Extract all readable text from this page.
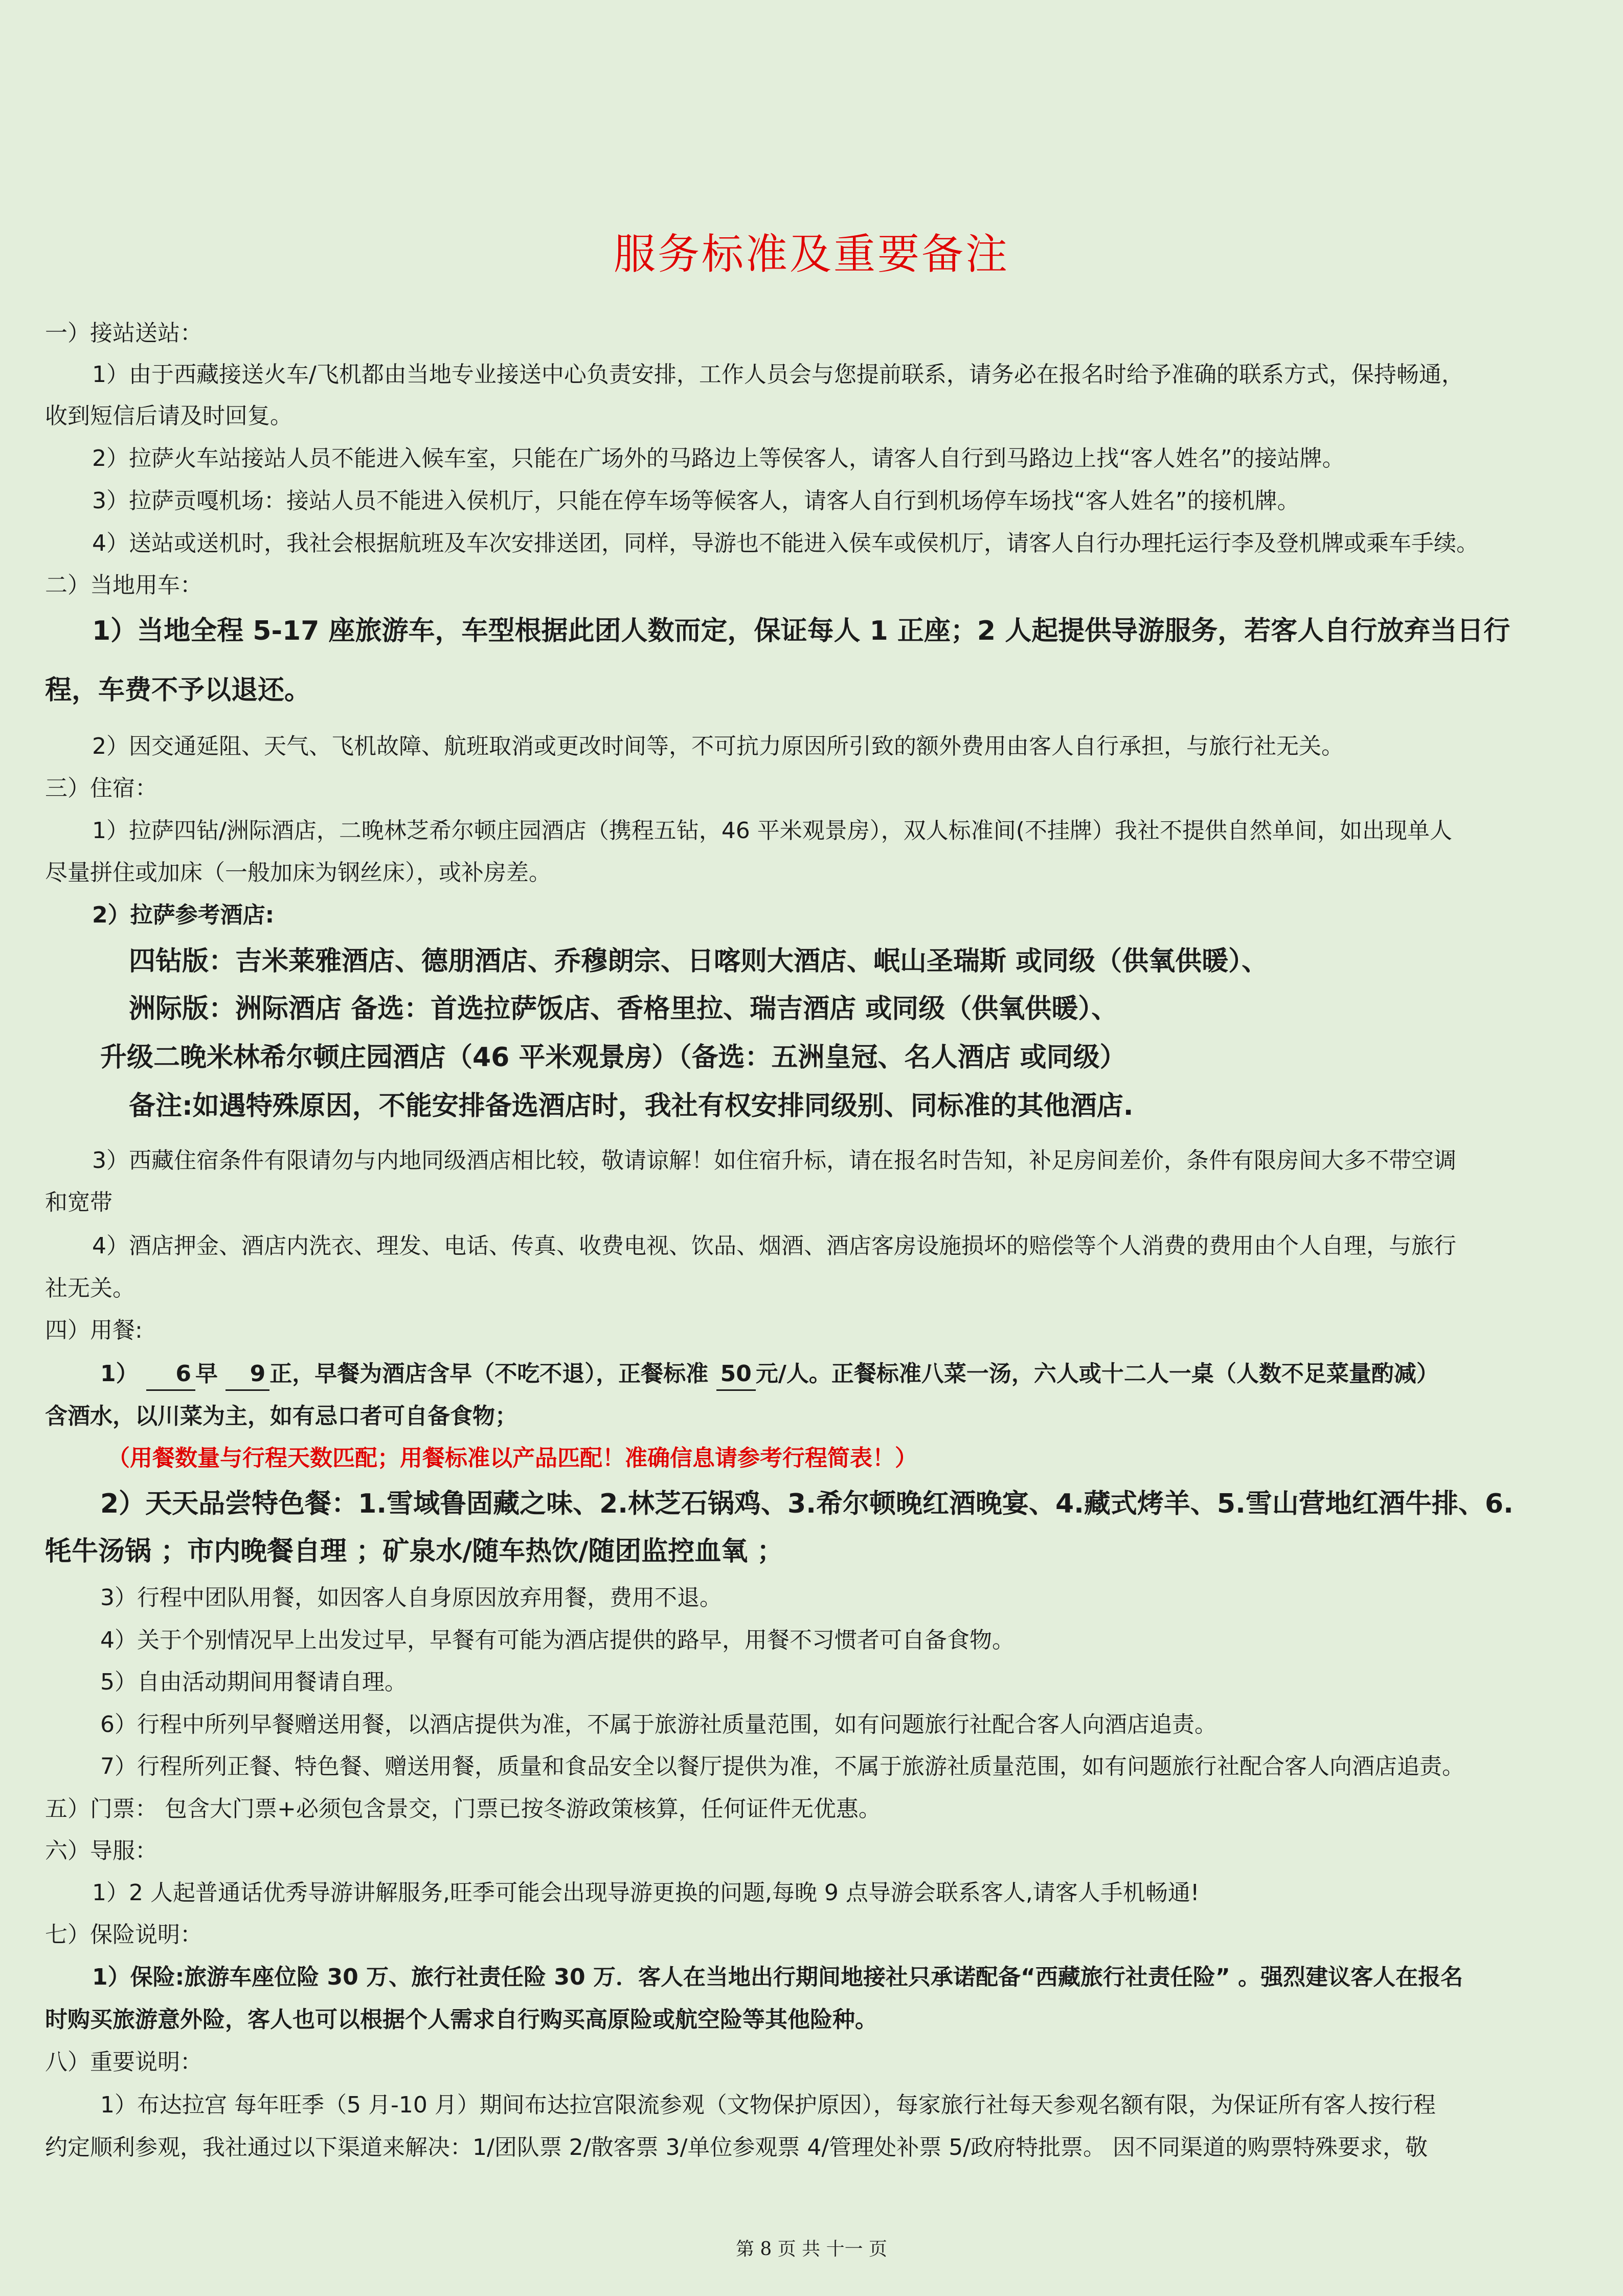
服务标准及重要备注
一）接站送站：
1）由于西藏接送火车/飞机都由当地专业接送中心负责安排，工作人员会与您提前联系，请务必在报名时给予准确的联系方式，保持畅通，
收到短信后请及时回复。
2）拉萨火车站接站人员不能进入候车室，只能在广场外的马路边上等侯客人，请客人自行到马路边上找“客人姓名”的接站牌。
3）拉萨贡嘎机场：接站人员不能进入侯机厅，只能在停车场等候客人，请客人自行到机场停车场找“客人姓名”的接机牌。
4）送站或送机时，我社会根据航班及车次安排送团，同样，导游也不能进入侯车或侯机厅，请客人自行办理托运行李及登机牌或乘车手续。
二）当地用车：
1）当地全程 5-17 座旅游车，车型根据此团人数而定，保证每人 1 正座；2 人起提供导游服务，若客人自行放弃当日行
程，车费不予以退还。
2）因交通延阻、天气、飞机故障、航班取消或更改时间等，不可抗力原因所引致的额外费用由客人自行承担，与旅行社无关。
三）住宿：
1）拉萨四钻/洲际酒店，二晚林芝希尔顿庄园酒店（携程五钻，46 平米观景房），双人标准间(不挂牌）我社不提供自然单间，如出现单人
尽量拼住或加床（一般加床为钢丝床），或补房差。
2）拉萨参考酒店:
四钻版：吉米莱雅酒店、德朋酒店、乔穆朗宗、日喀则大酒店、岷山圣瑞斯 或同级（供氧供暖）、
洲际版：洲际酒店 备选：首选拉萨饭店、香格里拉、瑞吉酒店 或同级（供氧供暖）、
升级二晚米林希尔顿庄园酒店（46 平米观景房）（备选：五洲皇冠、名人酒店 或同级）
备注:如遇特殊原因，不能安排备选酒店时，我社有权安排同级别、同标准的其他酒店.
3）西藏住宿条件有限请勿与内地同级酒店相比较，敬请谅解！如住宿升标，请在报名时告知，补足房间差价，条件有限房间大多不带空调
和宽带
4）酒店押金、酒店内洗衣、理发、电话、传真、收费电视、饮品、烟酒、酒店客房设施损坏的赔偿等个人消费的费用由个人自理，与旅行
社无关。
四）用餐:
1） 6 早 9 正，早餐为酒店含早（不吃不退），正餐标准 50 元/人。正餐标准八菜一汤，六人或十二人一桌（人数不足菜量酌减）
含酒水，以川菜为主，如有忌口者可自备食物；
（用餐数量与行程天数匹配；用餐标准以产品匹配！准确信息请参考行程简表！）
2）天天品尝特色餐：1.雪域鲁固藏之味、2.林芝石锅鸡、3.希尔顿晚红酒晚宴、4.藏式烤羊、5.雪山营地红酒牛排、6.
牦牛汤锅 ；市内晚餐自理 ；矿泉水/随车热饮/随团监控血氧 ；
3）行程中团队用餐，如因客人自身原因放弃用餐，费用不退。
4）关于个别情况早上出发过早，早餐有可能为酒店提供的路早，用餐不习惯者可自备食物。
5）自由活动期间用餐请自理。
6）行程中所列早餐赠送用餐，以酒店提供为准，不属于旅游社质量范围，如有问题旅行社配合客人向酒店追责。
7）行程所列正餐、特色餐、赠送用餐，质量和食品安全以餐厅提供为准，不属于旅游社质量范围，如有问题旅行社配合客人向酒店追责。
五）门票： 包含大门票+必须包含景交，门票已按冬游政策核算，任何证件无优惠。
六）导服：
1）2 人起普通话优秀导游讲解服务,旺季可能会出现导游更换的问题,每晚 9 点导游会联系客人,请客人手机畅通!
七）保险说明：
1）保险:旅游车座位险 30 万、旅行社责任险 30 万．客人在当地出行期间地接社只承诺配备“西藏旅行社责任险” 。强烈建议客人在报名
时购买旅游意外险，客人也可以根据个人需求自行购买高原险或航空险等其他险种。
八）重要说明：
1）布达拉宫 每年旺季（5 月-10 月）期间布达拉宫限流参观（文物保护原因），每家旅行社每天参观名额有限，为保证所有客人按行程
约定顺利参观，我社通过以下渠道来解决：1/团队票 2/散客票 3/单位参观票 4/管理处补票 5/政府特批票。 因不同渠道的购票特殊要求，敬
第 8 页 共 十一 页
